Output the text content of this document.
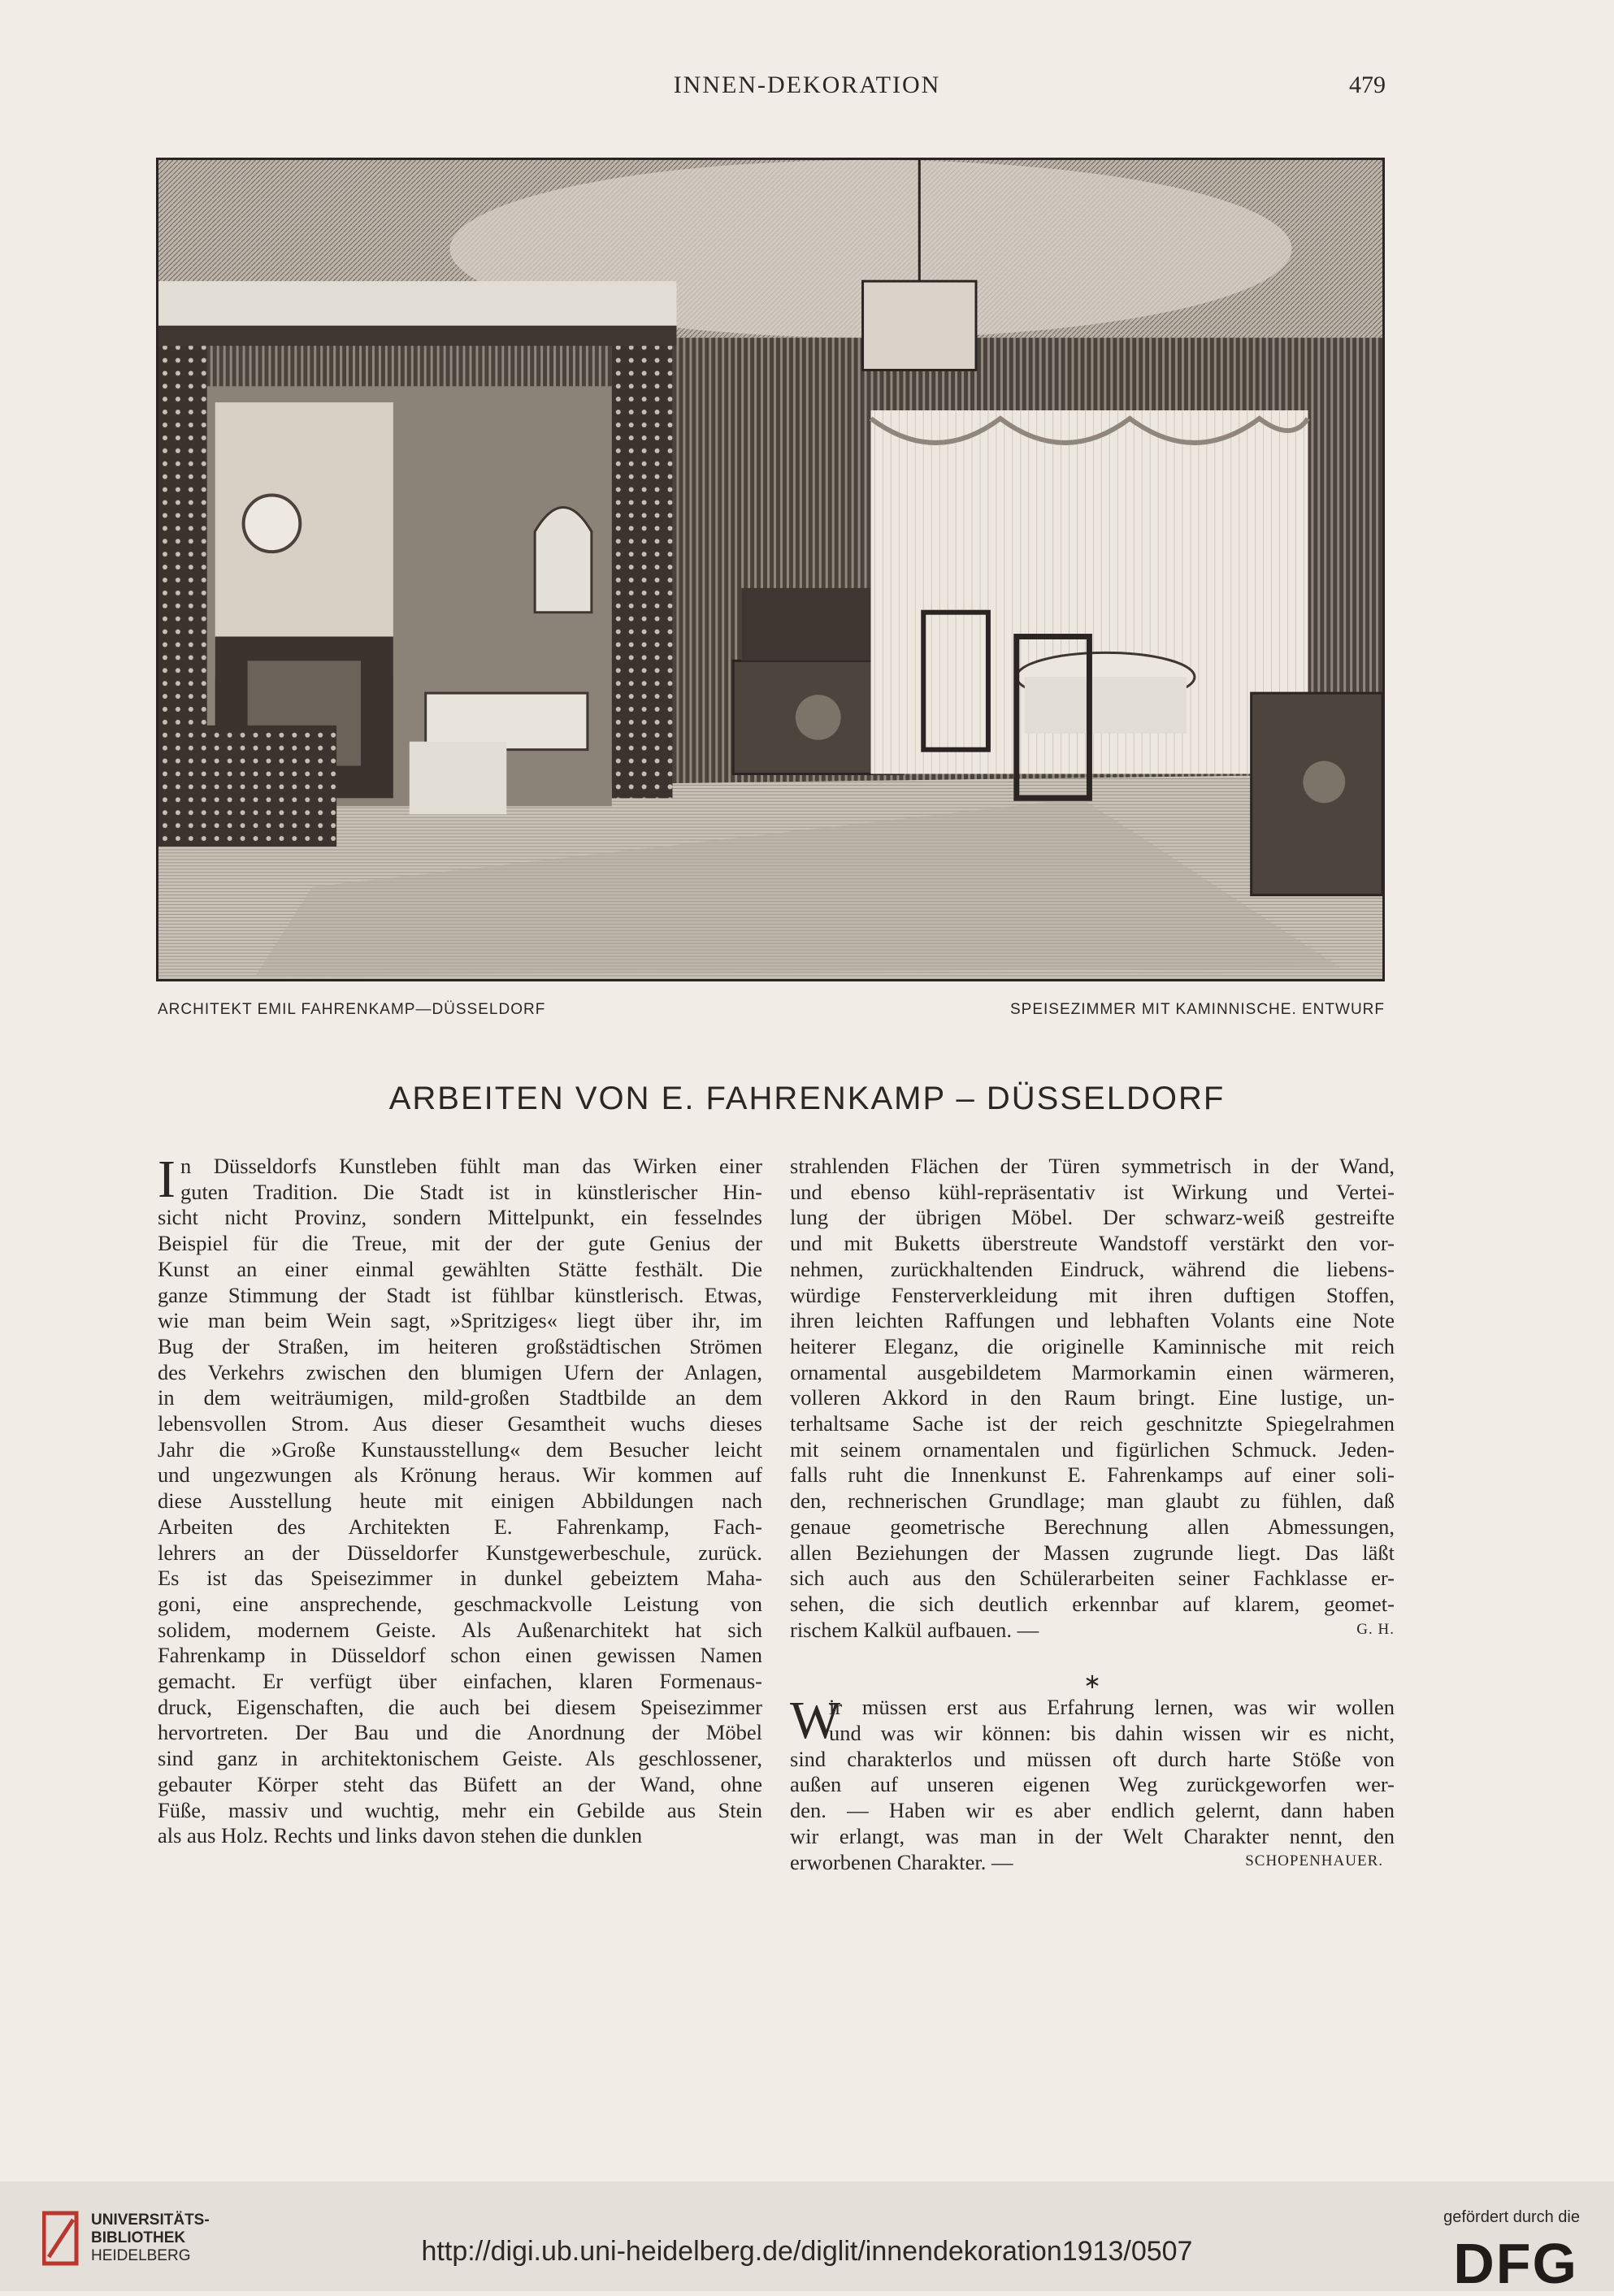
INNEN-DEKORATION	479
ARCHITEKT EMIL FAHRENKAMP—DÜSSELDORF	SPEISEZIMMER MIT KAMINNISCHE. ENTWURF
ARBEITEN VON E. FAHRENKAMP – DÜSSELDORF
I n Düsseldorfs Kunstleben fühlt man das Wirken einer
guten Tradition. Die Stadt ist in künstlerischer Hin-
sicht nicht Provinz, sondern Mittelpunkt, ein fesselndes
Beispiel für die Treue, mit der der gute Genius der
Kunst an einer einmal gewählten Stätte festhält. Die
ganze Stimmung der Stadt ist fühlbar künstlerisch. Etwas,
wie man beim Wein sagt, »Spritziges« liegt über ihr, im
Bug der Straßen, im heiteren großstädtischen Strömen
des Verkehrs zwischen den blumigen Ufern der Anlagen,
in dem weiträumigen, mild-großen Stadtbilde an dem
lebensvollen Strom. Aus dieser Gesamtheit wuchs dieses
Jahr die »Große Kunstausstellung« dem Besucher leicht
und ungezwungen als Krönung heraus. Wir kommen auf
diese Ausstellung heute mit einigen Abbildungen nach
Arbeiten des Architekten E. Fahrenkamp, Fach-
lehrers an der Düsseldorfer Kunstgewerbeschule, zurück.
Es ist das Speisezimmer in dunkel gebeiztem Maha-
goni, eine ansprechende, geschmackvolle Leistung von
solidem, modernem Geiste. Als Außenarchitekt hat sich
Fahrenkamp in Düsseldorf schon einen gewissen Namen
gemacht. Er verfügt über einfachen, klaren Formenaus-
druck, Eigenschaften, die auch bei diesem Speisezimmer
hervortreten. Der Bau und die Anordnung der Möbel
sind ganz in architektonischem Geiste. Als geschlossener,
gebauter Körper steht das Büfett an der Wand, ohne
Füße, massiv und wuchtig, mehr ein Gebilde aus Stein
als aus Holz. Rechts und links davon stehen die dunklen
strahlenden Flächen der Türen symmetrisch in der Wand,
und ebenso kühl-repräsentativ ist Wirkung und Vertei-
lung der übrigen Möbel. Der schwarz-weiß gestreifte
und mit Buketts überstreute Wandstoff verstärkt den vor-
nehmen, zurückhaltenden Eindruck, während die liebens-
würdige Fensterverkleidung mit ihren duftigen Stoffen,
ihren leichten Raffungen und lebhaften Volants eine Note
heiterer Eleganz, die originelle Kaminnische mit reich
ornamental ausgebildetem Marmorkamin einen wärmeren,
volleren Akkord in den Raum bringt. Eine lustige, un-
terhaltsame Sache ist der reich geschnitzte Spiegelrahmen
mit seinem ornamentalen und figürlichen Schmuck. Jeden-
falls ruht die Innenkunst E. Fahrenkamps auf einer soli-
den, rechnerischen Grundlage; man glaubt zu fühlen, daß
genaue geometrische Berechnung allen Abmessungen,
allen Beziehungen der Massen zugrunde liegt. Das läßt
sich auch aus den Schülerarbeiten seiner Fachklasse er-
sehen, die sich deutlich erkennbar auf klarem, geomet-
rischem Kalkül aufbauen. —	G. H.
∗
W
ir müssen erst aus Erfahrung lernen, was wir wollen
und was wir können: bis dahin wissen wir es nicht,
sind charakterlos und müssen oft durch harte Stöße von
außen auf unseren eigenen Weg zurückgeworfen wer-
den. — Haben wir es aber endlich gelernt, dann haben
wir erlangt, was man in der Welt Charakter nennt, den
erworbenen Charakter. —	SCHOPENHAUER.
UNIVERSITÄTS-
BIBLIOTHEK
HEIDELBERG	http://digi.ub.uni-heidelberg.de/diglit/innendekoration1913/0507
gefördert durch die
DFG
